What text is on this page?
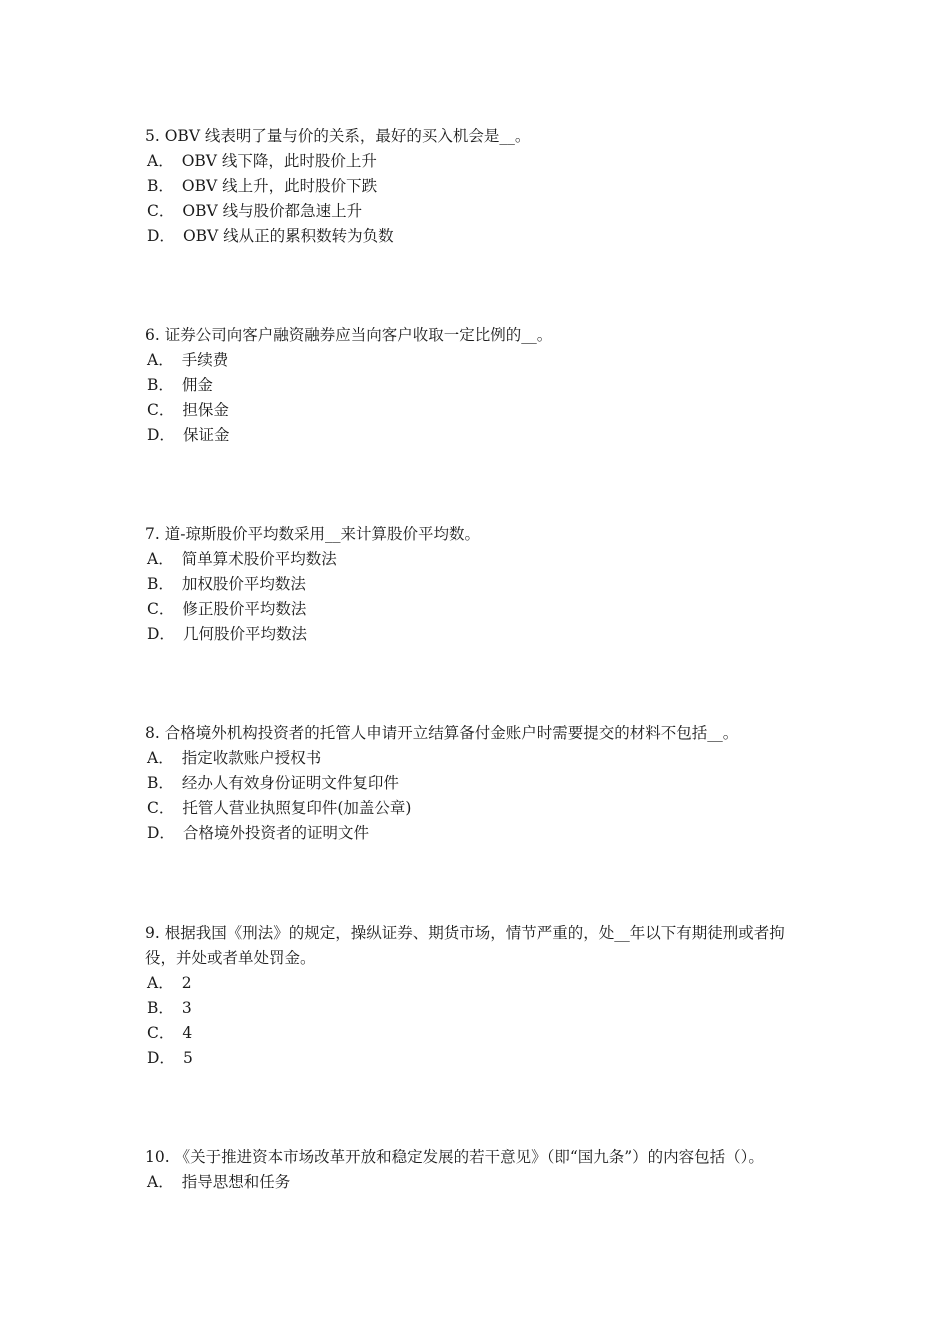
5. OBV 线表明了量与价的关系，最好的买入机会是__。

A． OBV 线下降，此时股价上升

B． OBV 线上升，此时股价下跌

C． OBV 线与股价都急速上升

D． OBV 线从正的累积数转为负数

6. 证券公司向客户融资融券应当向客户收取一定比例的__。

A． 手续费

B． 佣金

C． 担保金

D． 保证金

7. 道-琼斯股价平均数采用__来计算股价平均数。

A． 简单算术股价平均数法

B． 加权股价平均数法

C． 修正股价平均数法

D． 几何股价平均数法

8. 合格境外机构投资者的托管人申请开立结算备付金账户时需要提交的材料不包括__。

A． 指定收款账户授权书

B． 经办人有效身份证明文件复印件

C． 托管人营业执照复印件(加盖公章)

D． 合格境外投资者的证明文件

9. 根据我国《刑法》的规定，操纵证券、期货市场，情节严重的，处__年以下有期徒刑或者拘役，并处或者单处罚金。

A． 2

B． 3

C． 4

D． 5

10. 《关于推进资本市场改革开放和稳定发展的若干意见》（即“国九条”）的内容包括（）。

A． 指导思想和任务
